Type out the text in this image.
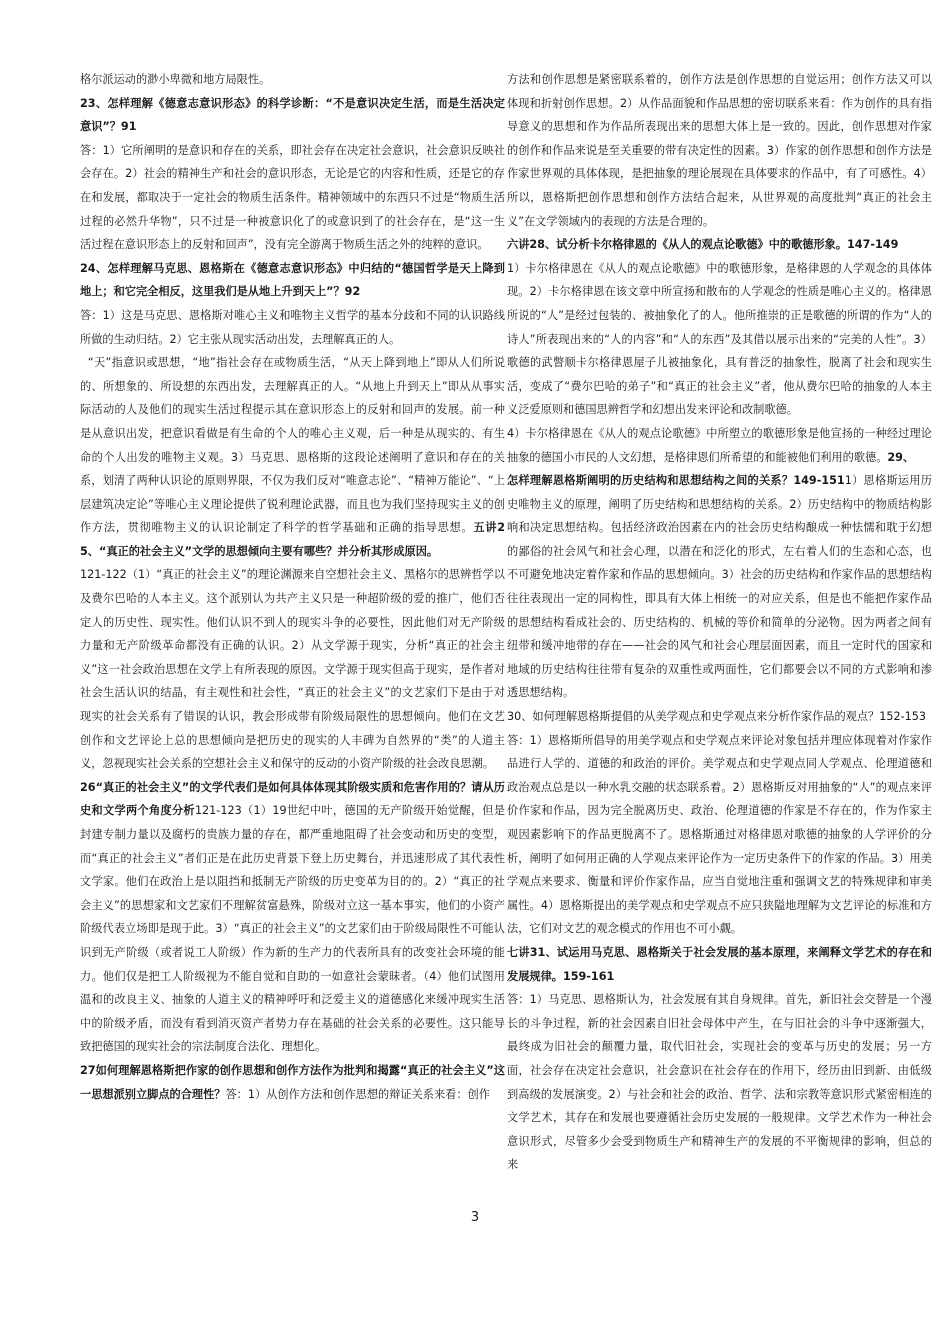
格尔派运动的渺小卑微和地方局限性。

23、怎样理解《德意志意识形态》的科学诊断：“不是意识决定生活，而是生活决定意识”？91

答：1）它所阐明的是意识和存在的关系，即社会存在决定社会意识，社会意识反映社会存在。2）社会的精神生产和社会的意识形态，无论是它的内容和性质，还是它的存在和发展，都取决于一定社会的物质生活条件。精神领域中的东西只不过是“物质生活过程的必然升华物”，只不过是一种被意识化了的或意识到了的社会存在，是“这一生活过程在意识形态上的反射和回声”，没有完全游离于物质生活之外的纯粹的意识。

24、怎样理解马克思、恩格斯在《德意志意识形态》中归结的“德国哲学是天上降到地上；和它完全相反，这里我们是从地上升到天上”？92

答：1）这是马克思、恩格斯对唯心主义和唯物主义哲学的基本分歧和不同的认识路线所做的生动归结。2）它主张从现实活动出发，去理解真正的人。

“天”指意识或思想，“地”指社会存在或物质生活，“从天上降到地上”即从人们所说的、所想象的、所设想的东西出发，去理解真正的人。“从地上升到天上”即从从事实际活动的人及他们的现实生活过程提示其在意识形态上的反射和回声的发展。前一种是从意识出发，把意识看做是有生命的个人的唯心主义观，后一种是从现实的、有生命的个人出发的唯物主义观。3）马克思、恩格斯的这段论述阐明了意识和存在的关系，划清了两种认识论的原则界限，不仅为我们反对“唯意志论”、“精神万能论”、“上层建筑决定论”等唯心主义理论提供了锐利理论武器，而且也为我们坚持现实主义的创作方法，贯彻唯物主义的认识论制定了科学的哲学基础和正确的指导思想。五讲25、“真正的社会主义”文学的思想倾向主要有哪些？并分析其形成原因。

121-122（1）“真正的社会主义”的理论渊源来自空想社会主义、黑格尔的思辨哲学以及费尔巴哈的人本主义。这个派别认为共产主义只是一种超阶级的爱的推广，他们否定人的历史性、现实性。他们认识不到人的现实斗争的必要性，因此他们对无产阶级力量和无产阶级革命都没有正确的认识。2）从文学源于现实，分析“真正的社会主义”这一社会政治思想在文学上有所表现的原因。文学源于现实但高于现实，是作者对社会生活认识的结晶，有主观性和社会性，“真正的社会主义”的文艺家们下是由于对现实的社会关系有了错误的认识，教会形成带有阶级局限性的思想倾向。他们在文艺创作和文艺评论上总的思想倾向是把历史的现实的人丰碑为自然界的“类”的人道主义，忽视现实社会关系的空想社会主义和保守的反动的小资产阶级的社会改良思潮。

26“真正的社会主义”的文学代表们是如何具体体现其阶级实质和危害作用的？请从历史和文学两个角度分析121-123（1）19世纪中叶，德国的无产阶级开始觉醒，但是封建专制力量以及腐朽的贵族力量的存在，都严重地阻碍了社会变动和历史的变型，而“真正的社会主义”者们正是在此历史背景下登上历史舞台，并迅速形成了其代表性文学家。他们在政治上是以阻挡和抵制无产阶级的历史变革为目的的。2）“真正的社会主义”的思想家和文艺家们不理解贫富悬殊，阶级对立这一基本事实，他们的小资产阶级代表立场即是现于此。3）“真正的社会主义”的文艺家们由于阶级局限性不可能认识到无产阶级（或者说工人阶级）作为新的生产力的代表所具有的改变社会环境的能力。他们仅是把工人阶级视为不能自觉和自助的一如意社会蒙昧者。（4）他们试图用温和的改良主义、抽象的人道主义的精神呼吁和泛爱主义的道德感化来缓冲现实生活中的阶级矛盾，而没有看到消灭资产者势力存在基础的社会关系的必要性。这只能导致把德国的现实社会的宗法制度合法化、理想化。

27如何理解恩格斯把作家的创作思想和创作方法作为批判和揭露“真正的社会主义”这一思想派别立脚点的合理性？答：1）从创作方法和创作思想的辩证关系来看：创作

方法和创作思想是紧密联系着的，创作方法是创作思想的自觉运用；创作方法又可以体现和折射创作思想。2）从作品面貌和作品思想的密切联系来看：作为创作的具有指导意义的思想和作为作品所表现出来的思想大体上是一致的。因此，创作思想对作家的创作和作品来说是至关重要的带有决定性的因素。3）作家的创作思想和创作方法是作家世界观的具体体现，是把抽象的理论展现在具体要求的作品中，有了可感性。4）所以，恩格斯把创作思想和创作方法结合起来，从世界观的高度批判“真正的社会主义”在文学领域内的表现的方法是合理的。

六讲28、试分析卡尔格律恩的《从人的观点论歌德》中的歌德形象。147-149

1）卡尔格律恩在《从人的观点论歌德》中的歌德形象，是格律恩的人学观念的具体体现。2）卡尔格律恩在该文章中所宣扬和散布的人学观念的性质是唯心主义的。格律恩所说的“人”是经过包装的、被抽象化了的人。他所推崇的正是歌德的所谓的作为“人的诗人”所表现出来的“人的内容”和“人的东西”及其借以展示出来的“完美的人性”。3）歌德的武瞥顺卡尔格律恩屋子儿被抽象化，具有普泛的抽象性，脱离了社会和现实生活，变成了“费尔巴哈的弟子”和“真正的社会主义”者，他从费尔巴哈的抽象的人本主义泛爱原则和德国思辨哲学和幻想出发来评论和改制歌德。

4）卡尔格律恩在《从人的观点论歌德》中所塑立的歌德形象是他宣扬的一种经过理论抽象的德国小市民的人文幻想，是格律恩们所希望的和能被他们利用的歌德。29、

怎样理解恩格斯阐明的历史结构和思想结构之间的关系？149-1511）恩格斯运用历史唯物主义的原理，阐明了历史结构和思想结构的关系。2）历史结构中的物质结构影响和决定思想结构。包括经济政治因素在内的社会历史结构酿成一种怯懦和耽于幻想的鄙俗的社会风气和社会心理，以潜在和泛化的形式，左右着人们的生态和心态，也不可避免地决定着作家和作品的思想倾向。3）社会的历史结构和作家作品的思想结构往往表现出一定的同构性，即具有大体上相统一的对应关系，但是也不能把作家作品的思想结构看成社会的、历史结构的、机械的等价和简单的分泌物。因为两者之间有纽带和缓冲地带的存在——社会的风气和社会心理层面因素，而且一定时代的国家和地域的历史结构往往带有复杂的双重性或两面性，它们都要会以不同的方式影响和渗透思想结构。

30、如何理解恩格斯提倡的从美学观点和史学观点来分析作家作品的观点？152-153

答：1）恩格斯所倡导的用美学观点和史学观点来评论对象包括并理应体现着对作家作品进行人学的、道德的和政治的评价。美学观点和史学观点同人学观点、伦理道德和政治观点总是以一种水乳交融的状态联系着。2）恩格斯反对用抽象的“人”的观点来评价作家和作品，因为完全脱离历史、政治、伦理道德的作家是不存在的，作为作家主观因素影响下的作品更脱离不了。恩格斯通过对格律恩对歌德的抽象的人学评价的分析，阐明了如何用正确的人学观点来评论作为一定历史条件下的作家的作品。3）用美学观点来要求、衡量和评价作家作品，应当自觉地注重和强调文艺的特殊规律和审美属性。4）恩格斯提出的美学观点和史学观点不应只狭隘地理解为文艺评论的标准和方法，它们对文艺的观念模式的作用也不可小觑。

七讲31、试运用马克思、恩格斯关于社会发展的基本原理，来阐释文学艺术的存在和发展规律。159-161

答：1）马克思、恩格斯认为，社会发展有其自身规律。首先，新旧社会交替是一个漫长的斗争过程，新的社会因素自旧社会母体中产生，在与旧社会的斗争中逐渐强大，最终成为旧社会的颠覆力量，取代旧社会，实现社会的变革与历史的发展；另一方面，社会存在决定社会意识，社会意识在社会存在的作用下，经历由旧到新、由低级到高级的发展演变。2）与社会和社会的政治、哲学、法和宗教等意识形式紧密相连的文学艺术，其存在和发展也要遵循社会历史发展的一般规律。文学艺术作为一种社会意识形式，尽管多少会受到物质生产和精神生产的发展的不平衡规律的影响，但总的来

3
